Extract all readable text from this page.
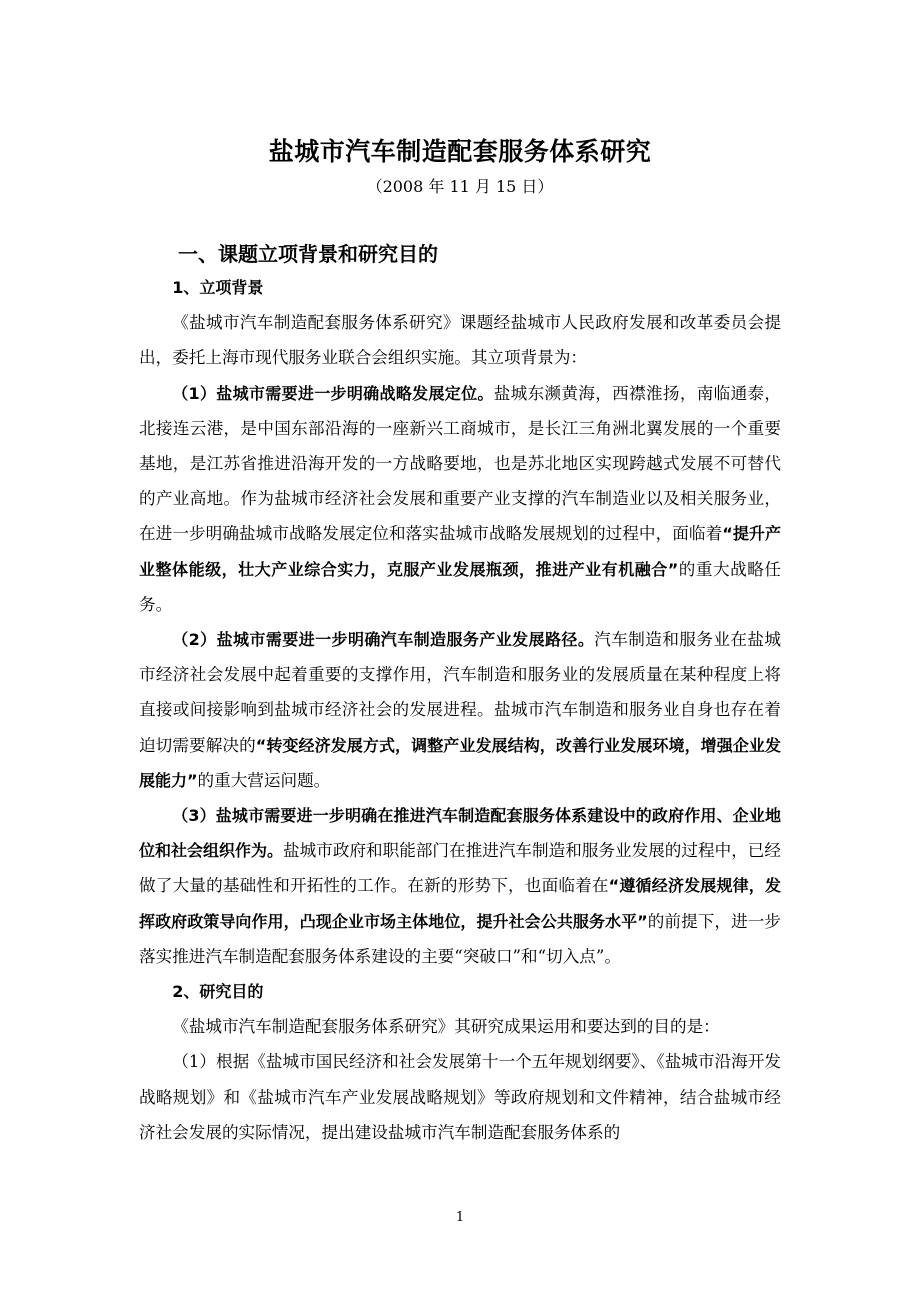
盐城市汽车制造配套服务体系研究
（2008 年 11 月 15 日）
一、课题立项背景和研究目的

1、立项背景

《盐城市汽车制造配套服务体系研究》课题经盐城市人民政府发展和改革委员会提出，委托上海市现代服务业联合会组织实施。其立项背景为：

（1）盐城市需要进一步明确战略发展定位。盐城东濒黄海，西襟淮扬，南临通泰，北接连云港，是中国东部沿海的一座新兴工商城市，是长江三角洲北翼发展的一个重要基地，是江苏省推进沿海开发的一方战略要地，也是苏北地区实现跨越式发展不可替代的产业高地。作为盐城市经济社会发展和重要产业支撑的汽车制造业以及相关服务业，在进一步明确盐城市战略发展定位和落实盐城市战略发展规划的过程中，面临着“提升产业整体能级，壮大产业综合实力，克服产业发展瓶颈，推进产业有机融合”的重大战略任务。

（2）盐城市需要进一步明确汽车制造服务产业发展路径。汽车制造和服务业在盐城市经济社会发展中起着重要的支撑作用，汽车制造和服务业的发展质量在某种程度上将直接或间接影响到盐城市经济社会的发展进程。盐城市汽车制造和服务业自身也存在着迫切需要解决的“转变经济发展方式，调整产业发展结构，改善行业发展环境，增强企业发展能力”的重大营运问题。

（3）盐城市需要进一步明确在推进汽车制造配套服务体系建设中的政府作用、企业地位和社会组织作为。盐城市政府和职能部门在推进汽车制造和服务业发展的过程中，已经做了大量的基础性和开拓性的工作。在新的形势下，也面临着在“遵循经济发展规律，发挥政府政策导向作用，凸现企业市场主体地位，提升社会公共服务水平”的前提下，进一步落实推进汽车制造配套服务体系建设的主要“突破口”和“切入点”。

2、研究目的

《盐城市汽车制造配套服务体系研究》其研究成果运用和要达到的目的是：

（1）根据《盐城市国民经济和社会发展第十一个五年规划纲要》、《盐城市沿海开发战略规划》和《盐城市汽车产业发展战略规划》等政府规划和文件精神，结合盐城市经济社会发展的实际情况，提出建设盐城市汽车制造配套服务体系的

1
